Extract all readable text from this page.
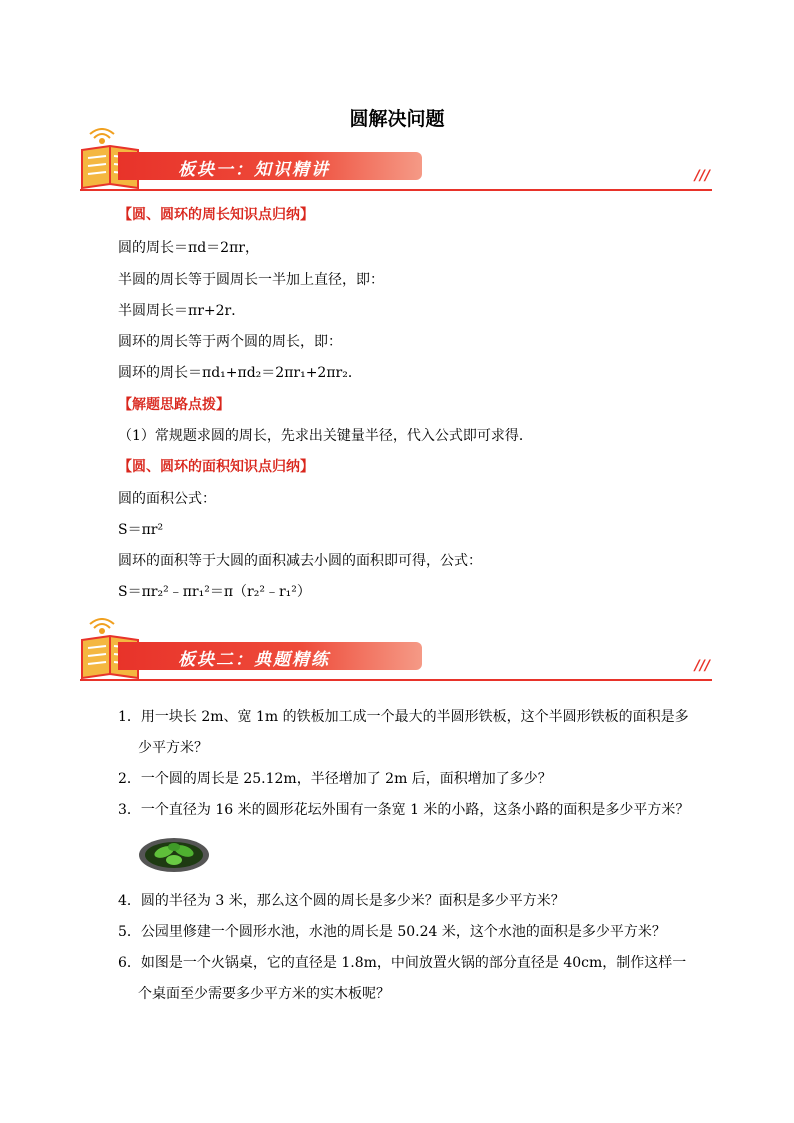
圆解决问题
板块一：知识精讲	///
【圆、圆环的周长知识点归纳】
圆的周长＝πd＝2πr，
半圆的周长等于圆周长一半加上直径，即：
半圆周长＝πr+2r．
圆环的周长等于两个圆的周长，即：
圆环的周长＝πd₁+πd₂＝2πr₁+2πr₂．
【解题思路点拨】
（1）常规题求圆的周长，先求出关键量半径，代入公式即可求得．
【圆、圆环的面积知识点归纳】
圆的面积公式：
S＝πr²
圆环的面积等于大圆的面积减去小圆的面积即可得，公式：
S＝πr₂²﹣πr₁²＝π（r₂²﹣r₁²）
板块二：典题精练	///
1．用一块长 2m、宽 1m 的铁板加工成一个最大的半圆形铁板，这个半圆形铁板的面积是多
少平方米？
2．一个圆的周长是 25.12m，半径增加了 2m 后，面积增加了多少？
3．一个直径为 16 米的圆形花坛外围有一条宽 1 米的小路，这条小路的面积是多少平方米？
4．圆的半径为 3 米，那么这个圆的周长是多少米？面积是多少平方米？
5．公园里修建一个圆形水池，水池的周长是 50.24 米，这个水池的面积是多少平方米？
6．如图是一个火锅桌，它的直径是 1.8m，中间放置火锅的部分直径是 40cm，制作这样一
个桌面至少需要多少平方米的实木板呢？
